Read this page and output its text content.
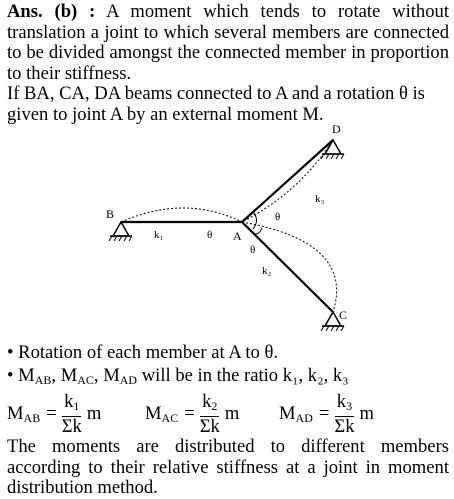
Ans. (b) : A moment which tends to rotate without translation a joint to which several members are connected to be divided amongst the connected member in proportion to their stiffness.

If BA, CA, DA beams connected to A and a rotation θ is given to joint A by an external moment M.

B
A
C
D
k₁
k₂
k₃
θ
θ
θ
• Rotation of each member at A to θ.
• $M_{AB}$, $M_{AC}$, $M_{AD}$ will be in the ratio k₁, k₂, k₃
$M_{AB} = \frac{k_1}{\Sigma k}$ m $M_{AC} = \frac{k_2}{\Sigma k}$ m $M_{AD} = \frac{k_3}{\Sigma k}$ m

The moments are distributed to different members according to their relative stiffness at a joint in moment distribution method.
